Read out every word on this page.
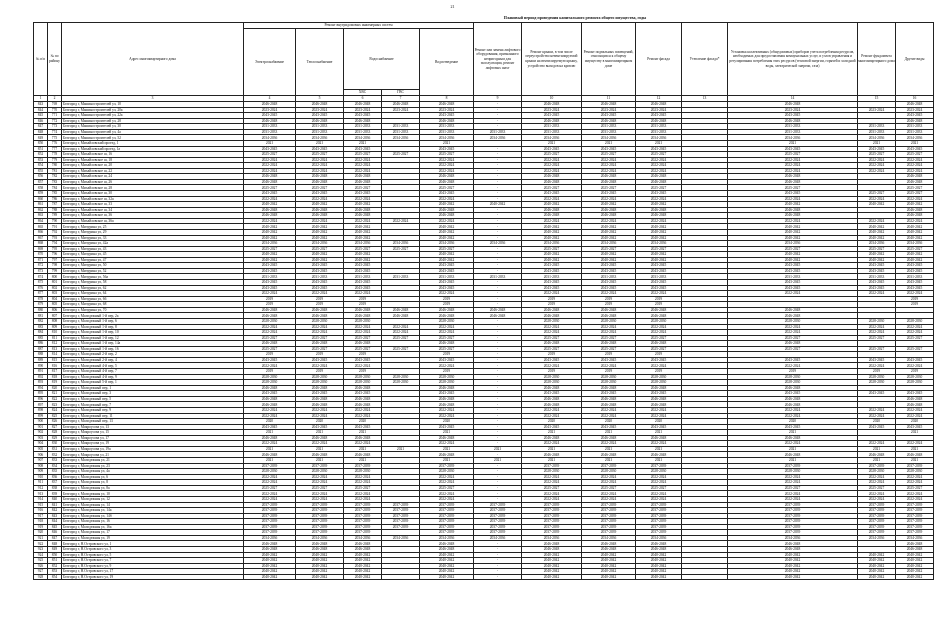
21
Плановый период проведения капитального ремонта общего имущества, годы
№ п/п	№ по району	Адрес многоквартирного дома	Ремонт внутридомовых инженерных систем					Ремонт или замена лифтового оборудования, признанного непригодным для эксплуатации, ремонт лифтовых шахт	Ремонт крыши, в том числе переустройство невентилируемой крыши на вентилируемую крышу, устройство выходов на кровлю	Ремонт подвальных помещений, относящихся к общему имуществу в многоквартирном доме	Ремонт фасада	Утепление фасада*	Установка коллективных (общедомовых) приборов учета потребления ресурсов, необходимых для предоставления коммунальных услуг, и узлов управления и регулирования потребления этих ресурсов (тепловой энергии, горячей и холодной воды, электрической энергии, газа)	Ремонт фундамента многоквартирного дома	Другие виды
			Электроснабжение	Теплоснабжение	Водоснабжение		Водоотведение								
					ХВС	ГВС									
1	2	3	4	5	6	7	8	9	10	11	12	13	14	15	16
843	769	Белгород г, Машиностроителей ул, 10	2046-2048	2046-2048	2046-2048	2046-2048	2046-2048	-	2046-2048	2046-2048	2046-2048		2046-2048		2046-2048
844	770	Белгород г, Машиностроителей ул, 20а	2023-2024	2023-2024	2023-2024	2023-2024	2023-2024	-	2023-2024	2023-2024	2023-2024		2023-2024	2023-2024	2023-2024
845	771	Белгород г, Машиностроителей ул, 22а	2043-2045	2043-2045	2043-2045		2043-2045	-	2043-2045	2043-2045	2043-2045		2043-2045		2043-2045
846	772	Белгород г, Машиностроителей ул, 28	2046-2048	2046-2048	2046-2048		2046-2048	-	2046-2048	2046-2048	2046-2048		2046-2048		2046-2048
847	773	Белгород г, Машиностроителей ул, 30	2031-2033	2031-2033	2031-2033	2031-2033	2031-2033	-	2031-2033	2031-2033	2031-2033		2031-2033	2031-2033	2031-2033
848	774	Белгород г, Машиностроителей ул, 4а	2031-2033	2031-2033	2031-2033	2031-2033	2031-2033	2031-2033	2031-2033	2031-2033	2031-2033		2031-2033	2031-2033	2031-2033
849	775	Белгород г, Машиностроителей ул, 52	2034-2036	2034-2036	2034-2036	2034-2036	2034-2036	2034-2036	2034-2036	2034-2036	2034-2036		2034-2036	2034-2036	2034-2036
850	776	Белгород г, Михайловский проезд, 1	2021	2021	2021		2021		2021	2021	2021		2021	2021	2021
851	777	Белгород г, Михайловский проезд, 1а	2043-2045	2043-2045	2043-2045		2043-2045	-	2043-2045	2043-2045	2043-2045		2043-2045	2043-2045	2043-2045
852	778	Белгород г, Михайловское ш, 16	2025-2027	2025-2027	2025-2027	2025-2027	2025-2027	-	2025-2027	2025-2027	2025-2027		2025-2027	2025-2027	2025-2027
853	779	Белгород г, Михайловское ш, 18	2022-2024	2022-2024	2022-2024		2022-2024	-	2022-2024	2022-2024	2022-2024		2022-2024	2022-2024	2022-2024
854	780	Белгород г, Михайловское ш, 20	2022-2024	2022-2024	2022-2024		2022-2024	-	2022-2024	2022-2024	2022-2024		2022-2024	2022-2024	2022-2024
855	781	Белгород г, Михайловское ш, 22	2022-2024	2022-2024	2022-2024		2022-2024	-	2022-2024	2022-2024	2022-2024		2022-2024	2022-2024	2022-2024
856	782	Белгород г, Михайловское ш, 24	2046-2048	2046-2048	2046-2048		2046-2048	-	2046-2048	2046-2048	2046-2048		2046-2048		2046-2048
857	783	Белгород г, Михайловское ш, 26	2046-2048	2046-2048	2046-2048		2046-2048	-	2046-2048	2046-2048	2046-2048		2046-2048		2046-2048
858	784	Белгород г, Михайловское ш, 28	2025-2027	2025-2027	2025-2027		2025-2027	-	2025-2027	2025-2027	2025-2027		2025-2027		2025-2027
859	785	Белгород г, Михайловское ш, 30	2043-2045	2043-2045	2043-2045		2043-2045	-	2043-2045	2043-2045	2043-2045		2043-2045	2025-2027	2025-2027
860	786	Белгород г, Михайловское ш, 32а	2022-2024	2022-2024	2022-2024		2022-2024	-	2022-2024	2022-2024	2022-2024		2022-2024	2022-2024	2022-2024
861	787	Белгород г, Михайловское ш, 33	2040-2042	2040-2042	2040-2042		2040-2042	2040-2042	2040-2042	2040-2042	2040-2042		2040-2042	2040-2042	2040-2042
862	788	Белгород г, Михайловское ш, 34	2046-2048	2046-2048	2046-2048		2046-2048	-	2046-2048	2046-2048	2046-2048		2046-2048		2046-2048
863	789	Белгород г, Михайловское ш, 36	2046-2048	2046-2048	2046-2048		2046-2048	-	2046-2048	2046-2048	2046-2048		2046-2048		2046-2048
864	790	Белгород г, Михайловское ш, 36а	2022-2024	2022-2024	2022-2024	2022-2024	2022-2024	-	2022-2024	2022-2024	2022-2024		2022-2024	2022-2024	2022-2024
865	791	Белгород г, Мичурина ул, 25	2040-2042	2040-2042	2040-2042		2040-2042	-	2040-2042	2040-2042	2040-2042		2040-2042	2040-2042	2040-2042
866	792	Белгород г, Мичурина ул, 29	2040-2042	2040-2042	2040-2042		2040-2042	-	2040-2042	2040-2042	2040-2042		2040-2042	2040-2042	2040-2042
867	793	Белгород г, Мичурина ул, 33	2040-2042	2040-2042	2040-2042		2040-2042	-	2040-2042	2040-2042	2040-2042		2040-2042	2040-2042	2040-2042
868	794	Белгород г, Мичурина ул, 42а	2034-2036	2034-2036	2034-2036	2034-2036	2034-2036	2034-2036	2034-2036	2034-2036	2034-2036		2034-2036	2034-2036	2034-2036
869	795	Белгород г, Мичурина ул, 43	2025-2027	2025-2027	2025-2027	2025-2027	2025-2027	-	2025-2027	2025-2027	2025-2027		2025-2027	2025-2027	2025-2027
870	796	Белгород г, Мичурина ул, 45	2040-2042	2040-2042	2040-2042		2040-2042	-	2040-2042	2040-2042	2040-2042		2040-2042	2040-2042	2040-2042
871	797	Белгород г, Мичурина ул, 47	2040-2042	2040-2042	2040-2042		2040-2042	-	2040-2042	2040-2042	2040-2042		2040-2042	2040-2042	2040-2042
872	798	Белгород г, Мичурина ул, 50	2043-2045	2043-2045	2043-2045		2043-2045	-	2043-2045	2043-2045	2043-2045		2043-2045	2043-2045	2043-2045
873	799	Белгород г, Мичурина ул, 52	2043-2045	2043-2045	2043-2045		2043-2045	-	2043-2045	2043-2045	2043-2045		2043-2045	2043-2045	2043-2045
874	800	Белгород г, Мичурина ул, 56а	2031-2033	2031-2033	2031-2033	2031-2033	2031-2033	2031-2033	2031-2033	2031-2033	2031-2033		2031-2033	2031-2033	2031-2033
875	801	Белгород г, Мичурина ул, 58	2043-2045	2043-2045	2043-2045		2043-2045	-	2043-2045	2043-2045	2043-2045		2043-2045	2043-2045	2043-2045
876	802	Белгород г, Мичурина ул, 62	2043-2045	2043-2045	2043-2045		2043-2045	-	2043-2045	2043-2045	2043-2045		2043-2045	2043-2045	2043-2045
877	803	Белгород г, Мичурина ул, 64	2022-2024	2022-2024	2022-2024		2022-2024	-	2022-2024	2022-2024	2022-2024		2022-2024	2022-2024	2022-2024
878	804	Белгород г, Мичурина ул, 66	2019	2019	2019		2019	-	2019	2019	2019				2019
879	805	Белгород г, Мичурина ул, 68	2019	2019	2019		2019	-	2019	2019	2019				2019
880	806	Белгород г, Мичурина ул, 70	2046-2048	2046-2048	2046-2048	2046-2048	2046-2048	2046-2048	2046-2048	2046-2048	2046-2048		2046-2048		
881	807	Белгород г, Молодежный 1-й пер, 2а	2046-2048	2046-2048	2046-2048	2046-2048	2046-2048	2046-2048	2046-2048	2046-2048	2046-2048		2046-2048		
882	808	Белгород г, Молодежный 1-й пер, 6	2028-2030	2028-2030	2028-2030		2028-2030	-	2028-2030	2028-2030	2028-2030		2028-2030	2028-2030	2028-2030
883	809	Белгород г, Молодежный 1-й пер, 8	2022-2024	2022-2024	2022-2024	2022-2024	2022-2024	-	2022-2024	2022-2024	2022-2024		2022-2024	2022-2024	2022-2024
884	810	Белгород г, Молодежный 1-й пер, 10	2022-2024	2022-2024	2022-2024	2022-2024	2022-2024	-	2022-2024	2022-2024	2022-2024		2022-2024	2022-2024	2022-2024
885	811	Белгород г, Молодежный 1-й пер, 12	2025-2027	2025-2027	2025-2027	2025-2027	2025-2027	-	2025-2027	2025-2027	2025-2027		2025-2027	2025-2027	2025-2027
886	812	Белгород г, Молодежный 1-й пер, 14а	2046-2048	2046-2048	2046-2048		2046-2048	-	2046-2048	2046-2048	2046-2048		2046-2048		
887	813	Белгород г, Молодежный 1-й пер, 16	2025-2027	2025-2027	2025-2027	2025-2027	2025-2027	-	2025-2027	2025-2027	2025-2027		2025-2027	2025-2027	2025-2027
888	814	Белгород г, Молодежный 2-й пер, 2	2019	2019	2019		2019	-	2019	2019	2019				
889	815	Белгород г, Молодежный 2-й пер, 4	2043-2045	2043-2045	2043-2045		2043-2045	-	2043-2045	2043-2045	2043-2045		2043-2045	2043-2045	2043-2045
890	816	Белгород г, Молодежный 4-й пер, 5	2022-2024	2022-2024	2022-2024		2022-2024	-	2022-2024	2022-2024	2022-2024		2022-2024	2022-2024	2022-2024
891	817	Белгород г, Молодежный 4-й пер, 7	2019	2019	2019		2019	-	2019	2019	2019		2019	2019	2019
892	818	Белгород г, Молодежный 4-й пер, 9	2028-2030	2028-2030	2028-2030	2028-2030	2028-2030	-	2028-2030	2028-2030	2028-2030		2028-2030	2028-2030	2028-2030
893	819	Белгород г, Молодежный 5-й пер, 1	2028-2030	2028-2030	2028-2030	2028-2030	2028-2030	-	2028-2030	2028-2030	2028-2030		2028-2030	2028-2030	2028-2030
894	820	Белгород г, Молодежный пер, 1	2046-2048	2046-2048	2046-2048		2046-2048	-	2046-2048	2046-2048	2046-2048		2046-2048		
895	821	Белгород г, Молодежный пер, 3	2043-2045	2043-2045	2043-2045		2043-2045	-	2043-2045	2043-2045	2043-2045		2043-2045	2043-2045	2043-2045
896	822	Белгород г, Молодежный пер, 5	2046-2048	2046-2048	2046-2048		2046-2048	-	2046-2048	2046-2048	2046-2048		2046-2048		2046-2048
897	823	Белгород г, Молодежный пер, 7	2046-2048	2046-2048	2046-2048		2046-2048	-	2046-2048	2046-2048	2046-2048		2046-2048		2046-2048
898	824	Белгород г, Молодежный пер, 9	2022-2024	2022-2024	2022-2024		2022-2024	-	2022-2024	2022-2024	2022-2024		2022-2024	2022-2024	2022-2024
899	825	Белгород г, Молодежный пер, 11	2022-2024	2022-2024	2022-2024		2022-2024	-	2022-2024	2022-2024	2022-2024		2022-2024	2022-2024	2022-2024
900	826	Белгород г, Молодежный пер, 13	2020	2020	2020		2020	-	2020	2020	2020		2020	2020	2020
901	827	Белгород г, Мокроусова ул, 13	2043-2045	2043-2045	2043-2045		2043-2045	-	2043-2045	2043-2045	2043-2045		2043-2045	2043-2045	2043-2045
902	828	Белгород г, Мокроусова ул, 15	2021	2021	2021		2021	-	2021	2021	2021		2021		2021
903	829	Белгород г, Мокроусова ул, 17	2046-2048	2046-2048	2046-2048		2046-2048	-	2046-2048	2046-2048	2046-2048		2046-2048		
904	830	Белгород г, Мокроусова ул, 19	2022-2024	2022-2024	2022-2024		2022-2024	-	2022-2024	2022-2024	2022-2024		2022-2024	2022-2024	2022-2024
905	831	Белгород г, Мокроусова ул, 19а	2021	2021	2021	2021	2021	2021	2021	2021	2021		2021	2021	2021
906	832	Белгород г, Мокроусова ул, 21	2046-2048	2046-2048	2046-2048		2046-2048	-	2046-2048	2046-2048	2046-2048		2046-2048	2046-2048	2046-2048
907	833	Белгород г, Молодежная ул, 21	2021	2021	2021		2021	2021	2021	2021	2021		2021	2021	2021
908	834	Белгород г, Молодежная ул, 23	2037-2039	2037-2039	2037-2039		2037-2039	-	2037-2039	2037-2039	2037-2039		2037-2039	2037-2039	2037-2039
909	835	Белгород г, Молодежная ул, 4а	2028-2030	2028-2030	2028-2030		2028-2030	-	2028-2030	2028-2030	2028-2030		2028-2030	2028-2030	2028-2030
910	836	Белгород г, Молодежная ул, 6	2022-2024	2022-2024	2022-2024		2022-2024	-	2022-2024	2022-2024	2022-2024		2022-2024	2022-2024	2022-2024
911	837	Белгород г, Молодежная ул, 8	2022-2024	2022-2024	2022-2024		2022-2024	-	2022-2024	2022-2024	2022-2024		2022-2024	2022-2024	2022-2024
912	838	Белгород г, Молодежная ул, 8а	2025-2027	2025-2027	2025-2027		2025-2027	-	2025-2027	2025-2027	2025-2027		2025-2027	2025-2027	2025-2027
913	839	Белгород г, Молодежная ул, 10	2022-2024	2022-2024	2022-2024		2022-2024	-	2022-2024	2022-2024	2022-2024		2022-2024	2022-2024	2022-2024
914	840	Белгород г, Молодежная ул, 12	2022-2024	2022-2024	2022-2024		2022-2024	-	2022-2024	2022-2024	2022-2024		2022-2024	2022-2024	2022-2024
915	841	Белгород г, Молодежная ул, 14	2037-2039	2037-2039	2037-2039	2037-2039	2037-2039	2037-2039	2037-2039	2037-2039	2037-2039		2037-2039	2037-2039	2037-2039
916	842	Белгород г, Молодежная ул, 14а	2037-2039	2037-2039	2037-2039	2037-2039	2037-2039	2037-2039	2037-2039	2037-2039	2037-2039		2037-2039	2037-2039	2037-2039
917	843	Белгород г, Молодежная ул, 14б	2037-2039	2037-2039	2037-2039	2037-2039	2037-2039	2037-2039	2037-2039	2037-2039	2037-2039		2037-2039	2037-2039	2037-2039
918	844	Белгород г, Молодежная ул, 16	2037-2039	2037-2039	2037-2039	2037-2039	2037-2039	2037-2039	2037-2039	2037-2039	2037-2039		2037-2039	2037-2039	2037-2039
919	845	Белгород г, Молодежная ул, 16а	2037-2039	2037-2039	2037-2039	2037-2039	2037-2039	2037-2039	2037-2039	2037-2039	2037-2039		2037-2039	2037-2039	2037-2039
920	846	Белгород г, Молодежная ул, 17	2037-2039	2037-2039	2037-2039		2037-2039	2037-2039	2037-2039	2037-2039	2037-2039		2037-2039	2037-2039	2037-2039
921	847	Белгород г, Молодежная ул, 19	2034-2036	2034-2036	2034-2036	2034-2036	2034-2036	2034-2036	2034-2036	2034-2036	2034-2036		2034-2036	2034-2036	2034-2036
922	848	Белгород г, Н.Островского ул, 1	2046-2048	2046-2048	2046-2048		2046-2048	-	2046-2048	2046-2048	2046-2048		2046-2048		2046-2048
923	849	Белгород г, Н.Островского ул, 3	2046-2048	2046-2048	2046-2048		2046-2048	-	2046-2048	2046-2048	2046-2048		2046-2048		2046-2048
924	850	Белгород г, Н.Островского ул, 5	2040-2042	2040-2042	2040-2042		2040-2042	-	2040-2042	2040-2042	2040-2042		2040-2042	2040-2042	2040-2042
925	851	Белгород г, Н.Островского ул, 7	2040-2042	2040-2042	2040-2042		2040-2042	-	2040-2042	2040-2042	2040-2042		2040-2042	2040-2042	2040-2042
926	852	Белгород г, Н.Островского ул, 9	2040-2042	2040-2042	2040-2042		2040-2042	-	2040-2042	2040-2042	2040-2042		2040-2042	2040-2042	2040-2042
927	853	Белгород г, Н.Островского ул, 17	2040-2042	2040-2042	2040-2042		2040-2042	-	2040-2042	2040-2042	2040-2042		2040-2042	2040-2042	2040-2042
928	854	Белгород г, Н.Островского ул, 19	2040-2042	2040-2042	2040-2042		2040-2042	-	2040-2042	2040-2042	2040-2042		2040-2042	2040-2042	2040-2042
